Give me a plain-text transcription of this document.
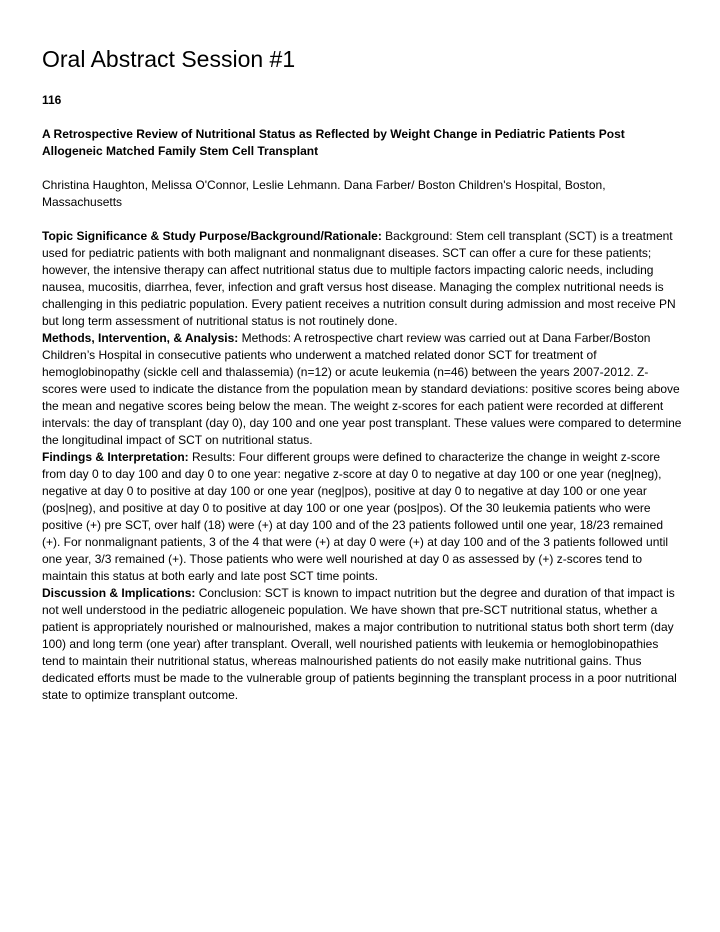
Oral Abstract Session #1
116
A Retrospective Review of Nutritional Status as Reflected by Weight Change in Pediatric Patients Post Allogeneic Matched Family Stem Cell Transplant
Christina Haughton, Melissa O'Connor, Leslie Lehmann. Dana Farber/ Boston Children's Hospital, Boston, Massachusetts

Topic Significance & Study Purpose/Background/Rationale: Background: Stem cell transplant (SCT) is a treatment used for pediatric patients with both malignant and nonmalignant diseases. SCT can offer a cure for these patients; however, the intensive therapy can affect nutritional status due to multiple factors impacting caloric needs, including nausea, mucositis, diarrhea, fever, infection and graft versus host disease. Managing the complex nutritional needs is challenging in this pediatric population. Every patient receives a nutrition consult during admission and most receive PN but long term assessment of nutritional status is not routinely done.

Methods, Intervention, & Analysis: Methods: A retrospective chart review was carried out at Dana Farber/Boston Children’s Hospital in consecutive patients who underwent a matched related donor SCT for treatment of hemoglobinopathy (sickle cell and thalassemia) (n=12) or acute leukemia (n=46) between the years 2007-2012. Z-scores were used to indicate the distance from the population mean by standard deviations: positive scores being above the mean and negative scores being below the mean. The weight z-scores for each patient were recorded at different intervals: the day of transplant (day 0), day 100 and one year post transplant. These values were compared to determine the longitudinal impact of SCT on nutritional status.

Findings & Interpretation: Results: Four different groups were defined to characterize the change in weight z-score from day 0 to day 100 and day 0 to one year: negative z-score at day 0 to negative at day 100 or one year (neg|neg), negative at day 0 to positive at day 100 or one year (neg|pos), positive at day 0 to negative at day 100 or one year (pos|neg), and positive at day 0 to positive at day 100 or one year (pos|pos). Of the 30 leukemia patients who were positive (+) pre SCT, over half (18) were (+) at day 100 and of the 23 patients followed until one year, 18/23 remained (+). For nonmalignant patients, 3 of the 4 that were (+) at day 0 were (+) at day 100 and of the 3 patients followed until one year, 3/3 remained (+). Those patients who were well nourished at day 0 as assessed by (+) z-scores tend to maintain this status at both early and late post SCT time points.

Discussion & Implications: Conclusion: SCT is known to impact nutrition but the degree and duration of that impact is not well understood in the pediatric allogeneic population. We have shown that pre-SCT nutritional status, whether a patient is appropriately nourished or malnourished, makes a major contribution to nutritional status both short term (day 100) and long term (one year) after transplant. Overall, well nourished patients with leukemia or hemoglobinopathies tend to maintain their nutritional status, whereas malnourished patients do not easily make nutritional gains. Thus dedicated efforts must be made to the vulnerable group of patients beginning the transplant process in a poor nutritional state to optimize transplant outcome.
